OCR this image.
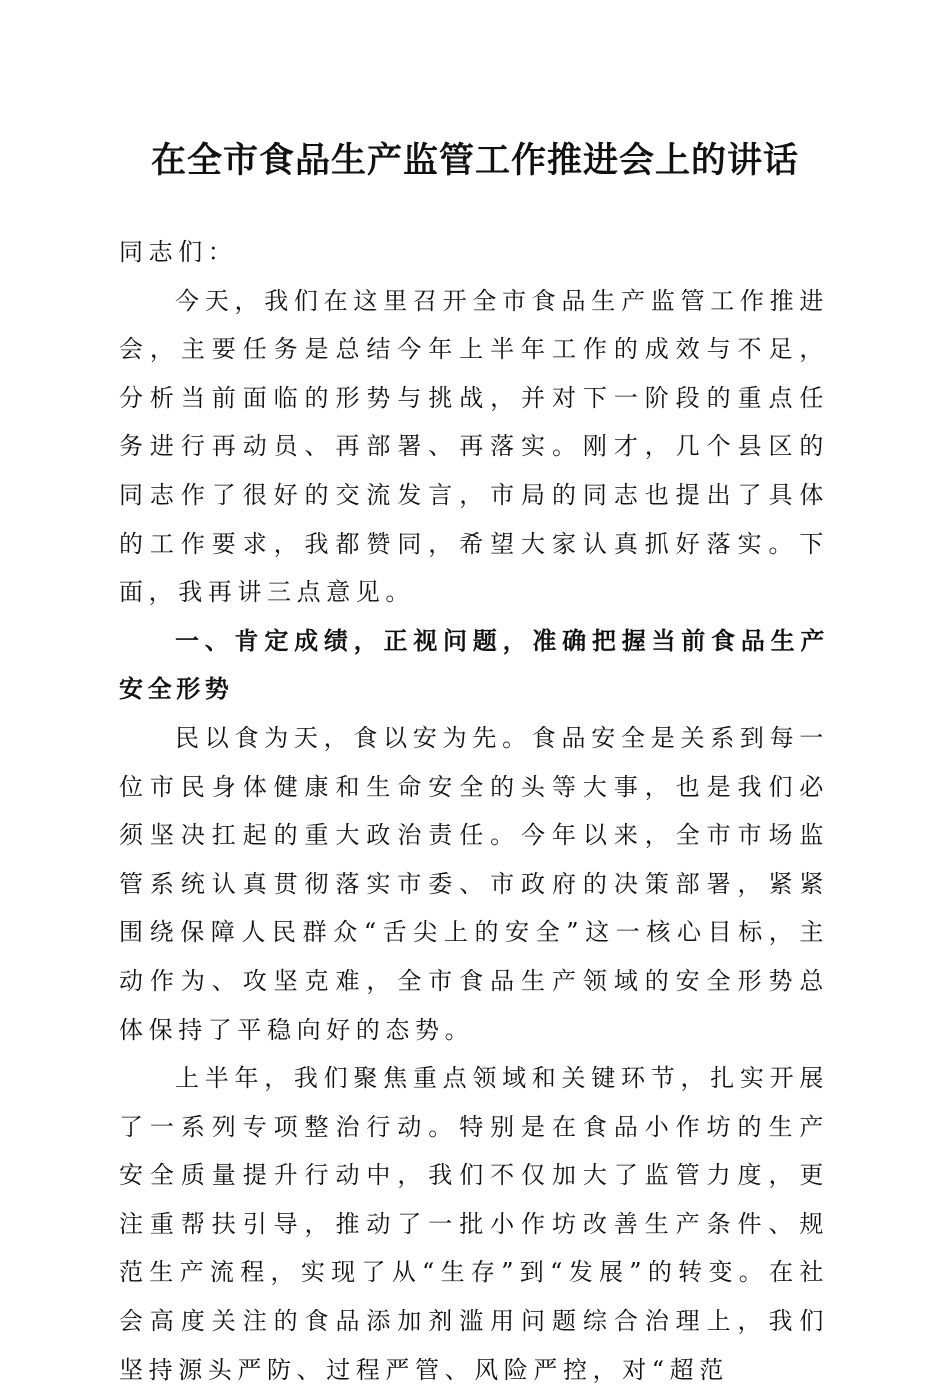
在全市食品生产监管工作推进会上的讲话

同志们：

今天，我们在这里召开全市食品生产监管工作推进会，主要任务是总结今年上半年工作的成效与不足，分析当前面临的形势与挑战，并对下一阶段的重点任务进行再动员、再部署、再落实。刚才，几个县区的同志作了很好的交流发言，市局的同志也提出了具体的工作要求，我都赞同，希望大家认真抓好落实。下面，我再讲三点意见。

一、肯定成绩，正视问题，准确把握当前食品生产安全形势

民以食为天，食以安为先。食品安全是关系到每一位市民身体健康和生命安全的头等大事，也是我们必须坚决扛起的重大政治责任。今年以来，全市市场监管系统认真贯彻落实市委、市政府的决策部署，紧紧围绕保障人民群众“舌尖上的安全”这一核心目标，主动作为、攻坚克难，全市食品生产领域的安全形势总体保持了平稳向好的态势。

上半年，我们聚焦重点领域和关键环节，扎实开展了一系列专项整治行动。特别是在食品小作坊的生产安全质量提升行动中，我们不仅加大了监管力度，更注重帮扶引导，推动了一批小作坊改善生产条件、规范生产流程，实现了从“生存”到“发展”的转变。在社会高度关注的食品添加剂滥用问题综合治理上，我们坚持源头严防、过程严管、风险严控，对“超范
